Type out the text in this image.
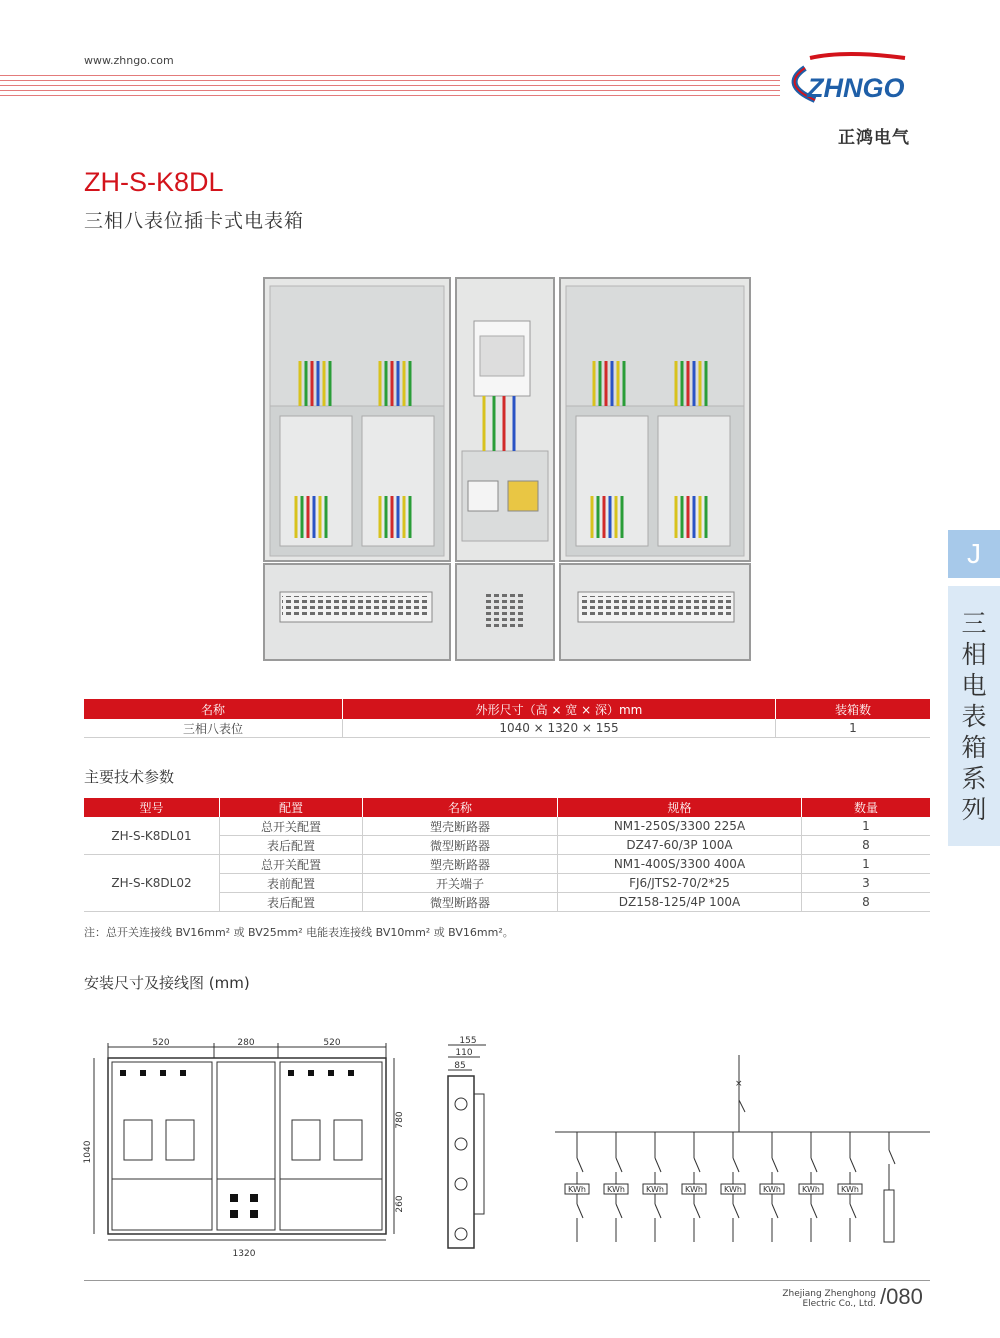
www.zhngo.com
ZHNGO
正鸿电气
ZH-S-K8DL
三相八表位插卡式电表箱
J
三相电表箱系列
名称	外形尺寸（高 × 宽 × 深）mm	装箱数
三相八表位	1040 × 1320 × 155	1
主要技术参数
型号	配置	名称	规格	数量
ZH-S-K8DL01	总开关配置	塑壳断路器	NM1-250S/3300 225A	1
	表后配置	微型断路器	DZ47-60/3P 100A	8
ZH-S-K8DL02	总开关配置	塑壳断路器	NM1-400S/3300 400A	1
	表前配置	开关端子	FJ6/JTS2-70/2*25	3
	表后配置	微型断路器	DZ158-125/4P 100A	8
注：总开关连接线 BV16mm² 或 BV25mm² 电能表连接线 BV10mm² 或 BV16mm²。
安装尺寸及接线图 (mm)
520	280	520
1040
1320
780
260
155
110
85
×
KWh	KWh	KWh	KWh	KWh	KWh	KWh	KWh
Zhejiang Zhenghong
Electric Co., Ltd. /080
